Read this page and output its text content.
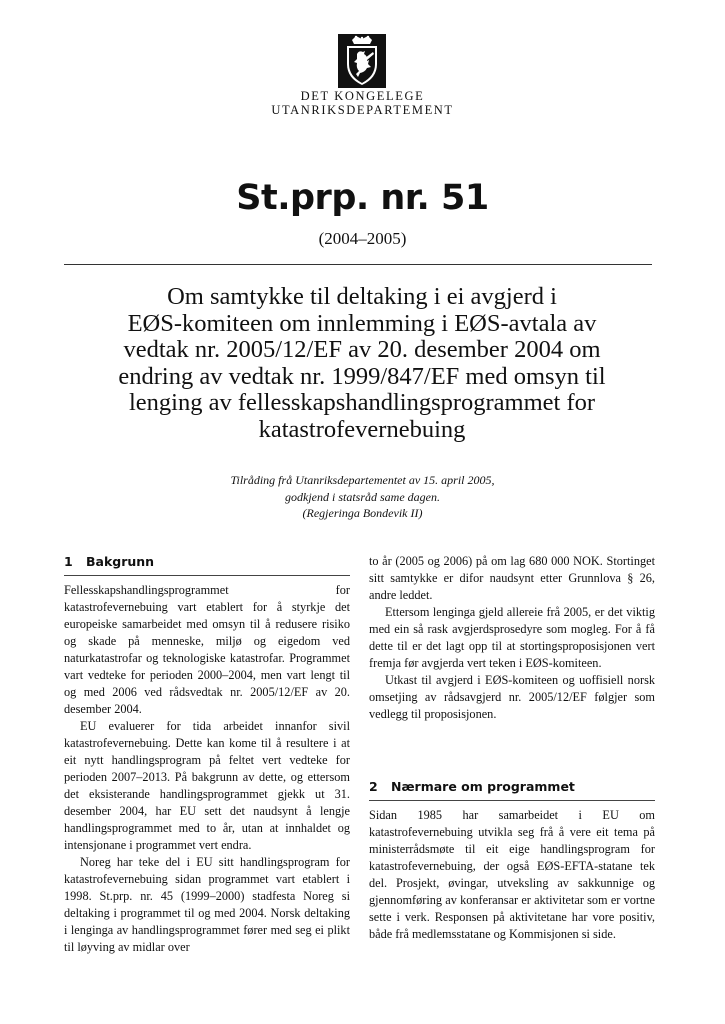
DET KONGELEGE
UTANRIKSDEPARTEMENT
St.prp. nr. 51
(2004–2005)
Om samtykke til deltaking i ei avgjerd i
EØS-komiteen om innlemming i EØS-avtala av
vedtak nr. 2005/12/EF av 20. desember 2004 om
endring av vedtak nr. 1999/847/EF med omsyn til
lenging av fellesskapshandlingsprogrammet for
katastrofevernebuing
Tilråding frå Utanriksdepartementet av 15. april 2005,
godkjend i statsråd same dagen.
(Regjeringa Bondevik II)
1 Bakgrunn

Fellesskapshandlingsprogrammet for katastrofevernebuing vart etablert for å styrkje det europeiske samarbeidet med omsyn til å redusere risiko og skade på menneske, miljø og eigedom ved naturkatastrofar og teknologiske katastrofar. Programmet vart vedteke for perioden 2000–2004, men vart lengt til og med 2006 ved rådsvedtak nr. 2005/12/EF av 20. desember 2004.

EU evaluerer for tida arbeidet innanfor sivil katastrofevernebuing. Dette kan kome til å resultere i at eit nytt handlingsprogram på feltet vert vedteke for perioden 2007–2013. På bakgrunn av dette, og ettersom det eksisterande handlingsprogrammet gjekk ut 31. desember 2004, har EU sett det naudsynt å lengje handlingsprogrammet med to år, utan at innhaldet og intensjonane i programmet vert endra.

Noreg har teke del i EU sitt handlingsprogram for katastrofevernebuing sidan programmet vart etablert i 1998. St.prp. nr. 45 (1999–2000) stadfesta Noreg si deltaking i programmet til og med 2004. Norsk deltaking i lenginga av handlingsprogrammet fører med seg ei plikt til løyving av midlar over

to år (2005 og 2006) på om lag 680 000 NOK. Stortinget sitt samtykke er difor naudsynt etter Grunnlova § 26, andre leddet.

Ettersom lenginga gjeld allereie frå 2005, er det viktig med ein så rask avgjerdsprosedyre som mogleg. For å få dette til er det lagt opp til at stortingsproposisjonen vert fremja før avgjerda vert teken i EØS-komiteen.

Utkast til avgjerd i EØS-komiteen og uoffisiell norsk omsetjing av rådsavgjerd nr. 2005/12/EF følgjer som vedlegg til proposisjonen.

2 Nærmare om programmet

Sidan 1985 har samarbeidet i EU om katastrofevernebuing utvikla seg frå å vere eit tema på ministerrådsmøte til eit eige handlingsprogram for katastrofevernebuing, der også EØS-EFTA-statane tek del. Prosjekt, øvingar, utveksling av sakkunnige og gjennomføring av konferansar er aktivitetar som er vortne sette i verk. Responsen på aktivitetane har vore positiv, både frå medlemsstatane og Kommisjonen si side.
